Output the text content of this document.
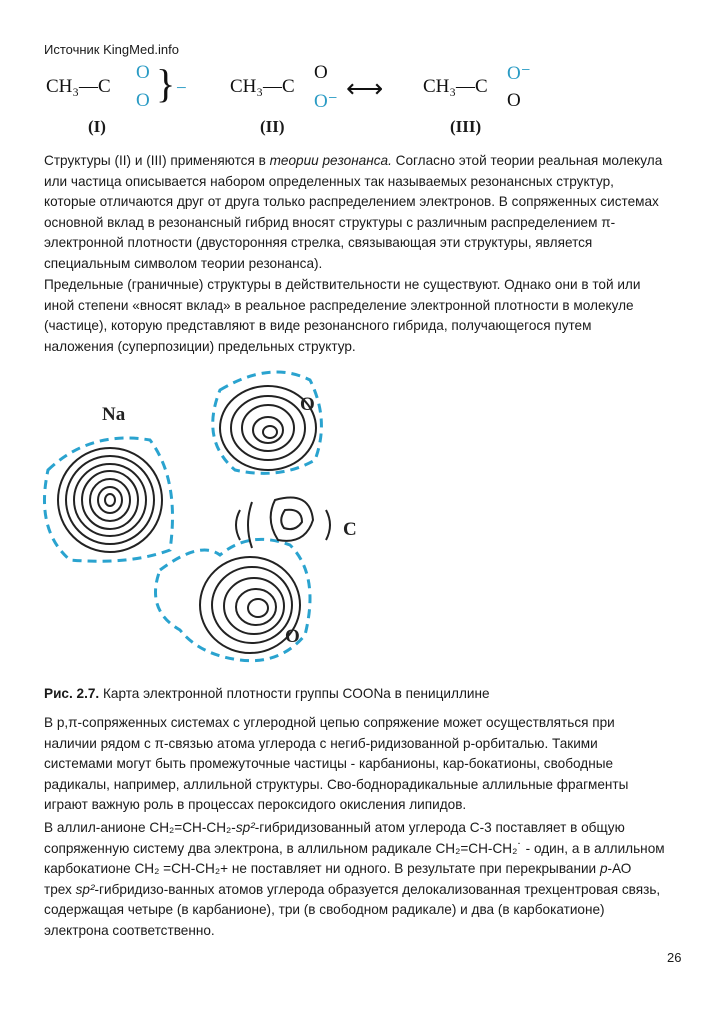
Источник KingMed.info
CH₃—C
O
O } −
(I)
CH₃—C
O
O⁻
(II)
⟷ CH₃—C
O⁻
O
(III)
Структуры (II) и (III) применяются в теории резонанса. Согласно этой теории реальная молекула
или частица описывается набором определенных так называемых резонансных структур,
которые отличаются друг от друга только распределением электронов. В сопряженных системах
основной вклад в резонансный гибрид вносят структуры с различным распределением π-
электронной плотности (двусторонняя стрелка, связывающая эти структуры, является
специальным символом теории резонанса).
Предельные (граничные) структуры в действительности не существуют. Однако они в той или
иной степени «вносят вклад» в реальное распределение электронной плотности в молекуле
(частице), которую представляют в виде резонансного гибрида, получающегося путем
наложения (суперпозиции) предельных структур.
Na	O
C
O
Рис. 2.7. Карта электронной плотности группы COONa в пенициллине
В р,π-сопряженных системах с углеродной цепью сопряжение может осуществляться при
наличии рядом с π-связью атома углерода с негиб-ридизованной р-орбиталью. Такими
системами могут быть промежуточные частицы - карбанионы, кар-бокатионы, свободные
радикалы, например, аллильной структуры. Сво-боднорадикальные аллильные фрагменты
играют важную роль в процессах пероксидого окисления липидов.
В аллил-анионе CH₂=CH-CH₂-sp²-гибридизованный атом углерода С-3 поставляет в общую
сопряженную систему два электрона, в аллильном радикале CH₂=CH-CH₂˙ - один, а в аллильном
карбокатионе CH₂ =CH-CH₂+ не поставляет ни одного. В результате при перекрывании р-АО
трех sp²-гибридизо-ванных атомов углерода образуется делокализованная трехцентровая связь,
содержащая четыре (в карбанионе), три (в свободном радикале) и два (в карбокатионе)
электрона соответственно.
26
